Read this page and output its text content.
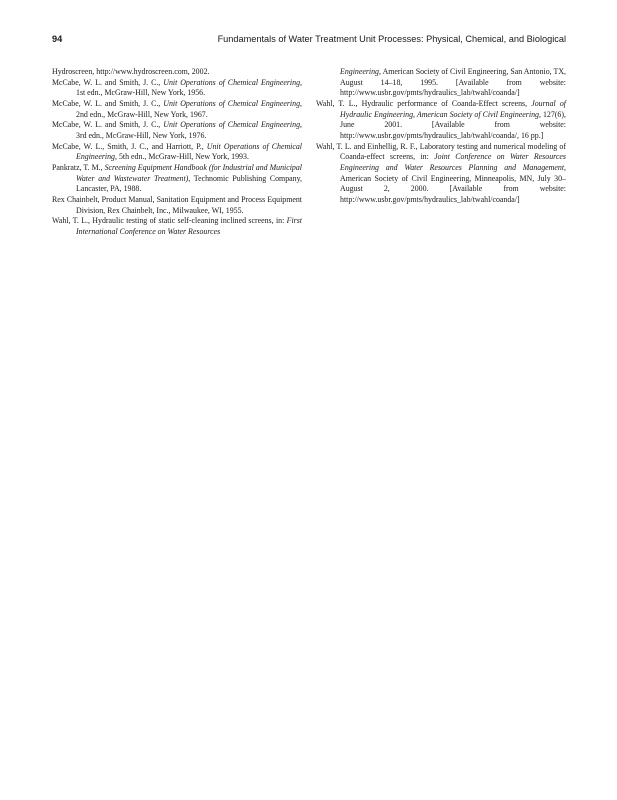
94	Fundamentals of Water Treatment Unit Processes: Physical, Chemical, and Biological

Hydroscreen, http://www.hydroscreen.com, 2002.

McCabe, W. L. and Smith, J. C., Unit Operations of Chemical Engineering, 1st edn., McGraw-Hill, New York, 1956.

McCabe, W. L. and Smith, J. C., Unit Operations of Chemical Engineering, 2nd edn., McGraw-Hill, New York, 1967.

McCabe, W. L. and Smith, J. C., Unit Operations of Chemical Engineering, 3rd edn., McGraw-Hill, New York, 1976.

McCabe, W. L., Smith, J. C., and Harriott, P., Unit Operations of Chemical Engineering, 5th edn., McGraw-Hill, New York, 1993.

Pankratz, T. M., Screening Equipment Handbook (for Industrial and Municipal Water and Wastewater Treatment), Technomic Publishing Company, Lancaster, PA, 1988.

Rex Chainbelt, Product Manual, Sanitation Equipment and Process Equipment Division, Rex Chainbelt, Inc., Milwaukee, WI, 1955.

Wahl, T. L., Hydraulic testing of static self-cleaning inclined screens, in: First International Conference on Water Resources

Engineering, American Society of Civil Engineering, San Antonio, TX, August 14–18, 1995. [Available from website: http://www.usbr.gov/pmts/hydraulics_lab/twahl/coanda/]

Wahl, T. L., Hydraulic performance of Coanda-Effect screens, Journal of Hydraulic Engineering, American Society of Civil Engineering, 127(6), June 2001. [Available from website: http://www.usbr.gov/pmts/hydraulics_lab/twahl/coanda/, 16 pp.]

Wahl, T. L. and Einhellig, R. F., Laboratory testing and numerical modeling of Coanda-effect screens, in: Joint Conference on Water Resources Engineering and Water Resources Planning and Management, American Society of Civil Engineering, Minneapolis, MN, July 30–August 2, 2000. [Available from website: http://www.usbr.gov/pmts/hydraulics_lab/twahl/coanda/]
